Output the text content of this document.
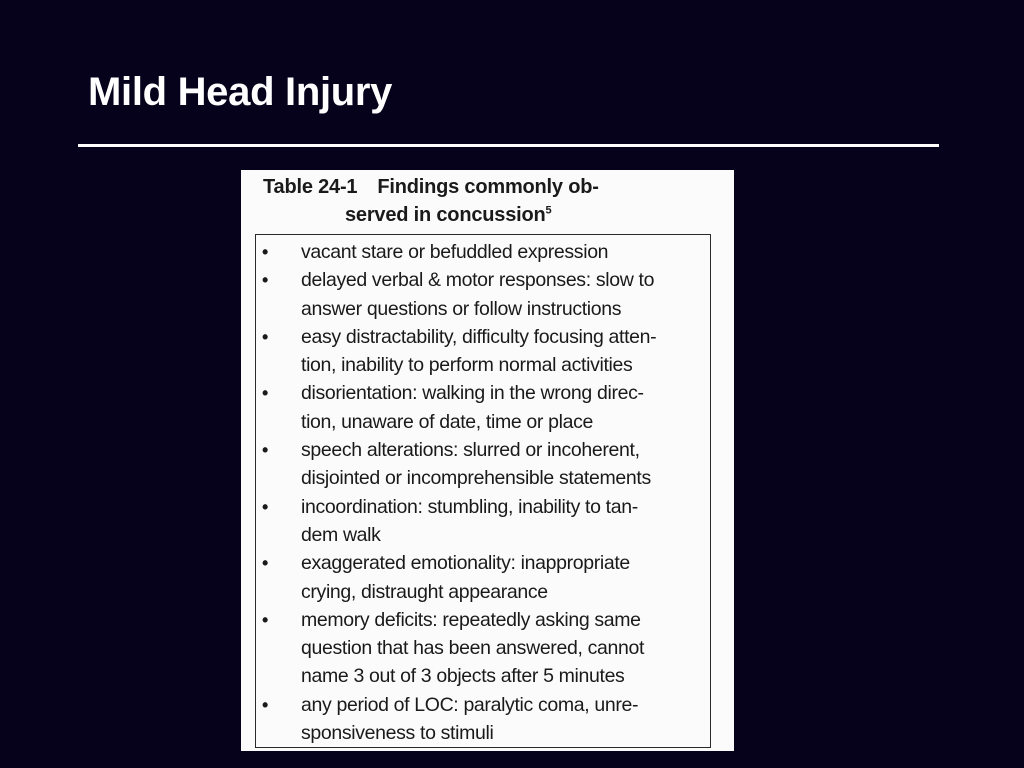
Mild Head Injury
Table 24-1 Findings commonly ob-
served in concussion$^5$
• vacant stare or befuddled expression
• delayed verbal & motor responses: slow to
answer questions or follow instructions
• easy distractability, difficulty focusing atten-
tion, inability to perform normal activities
• disorientation: walking in the wrong direc-
tion, unaware of date, time or place
• speech alterations: slurred or incoherent,
disjointed or incomprehensible statements
• incoordination: stumbling, inability to tan-
dem walk
• exaggerated emotionality: inappropriate
crying, distraught appearance
• memory deficits: repeatedly asking same
question that has been answered, cannot
name 3 out of 3 objects after 5 minutes
• any period of LOC: paralytic coma, unre-
sponsiveness to stimuli
